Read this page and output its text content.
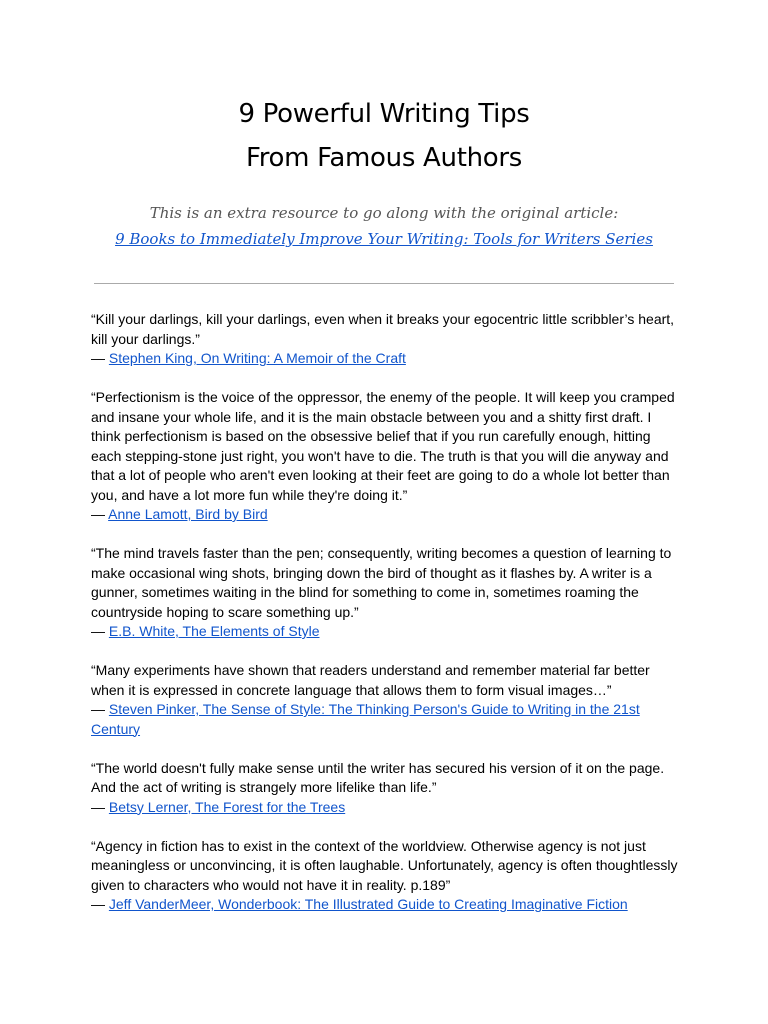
9 Powerful Writing Tips
From Famous Authors

This is an extra resource to go along with the original article:

9 Books to Immediately Improve Your Writing: Tools for Writers Series

“Kill your darlings, kill your darlings, even when it breaks your egocentric little scribbler’s heart, kill your darlings.”

— Stephen King, On Writing: A Memoir of the Craft

“Perfectionism is the voice of the oppressor, the enemy of the people. It will keep you cramped and insane your whole life, and it is the main obstacle between you and a shitty first draft. I think perfectionism is based on the obsessive belief that if you run carefully enough, hitting each stepping-stone just right, you won't have to die. The truth is that you will die anyway and that a lot of people who aren't even looking at their feet are going to do a whole lot better than you, and have a lot more fun while they're doing it.”

— Anne Lamott, Bird by Bird

“The mind travels faster than the pen; consequently, writing becomes a question of learning to make occasional wing shots, bringing down the bird of thought as it flashes by. A writer is a gunner, sometimes waiting in the blind for something to come in, sometimes roaming the countryside hoping to scare something up.”

— E.B. White, The Elements of Style

“Many experiments have shown that readers understand and remember material far better when it is expressed in concrete language that allows them to form visual images…”

— Steven Pinker, The Sense of Style: The Thinking Person's Guide to Writing in the 21st Century

“The world doesn't fully make sense until the writer has secured his version of it on the page. And the act of writing is strangely more lifelike than life.”

— Betsy Lerner, The Forest for the Trees

“Agency in fiction has to exist in the context of the worldview. Otherwise agency is not just meaningless or unconvincing, it is often laughable. Unfortunately, agency is often thoughtlessly given to characters who would not have it in reality. p.189”

— Jeff VanderMeer, Wonderbook: The Illustrated Guide to Creating Imaginative Fiction
